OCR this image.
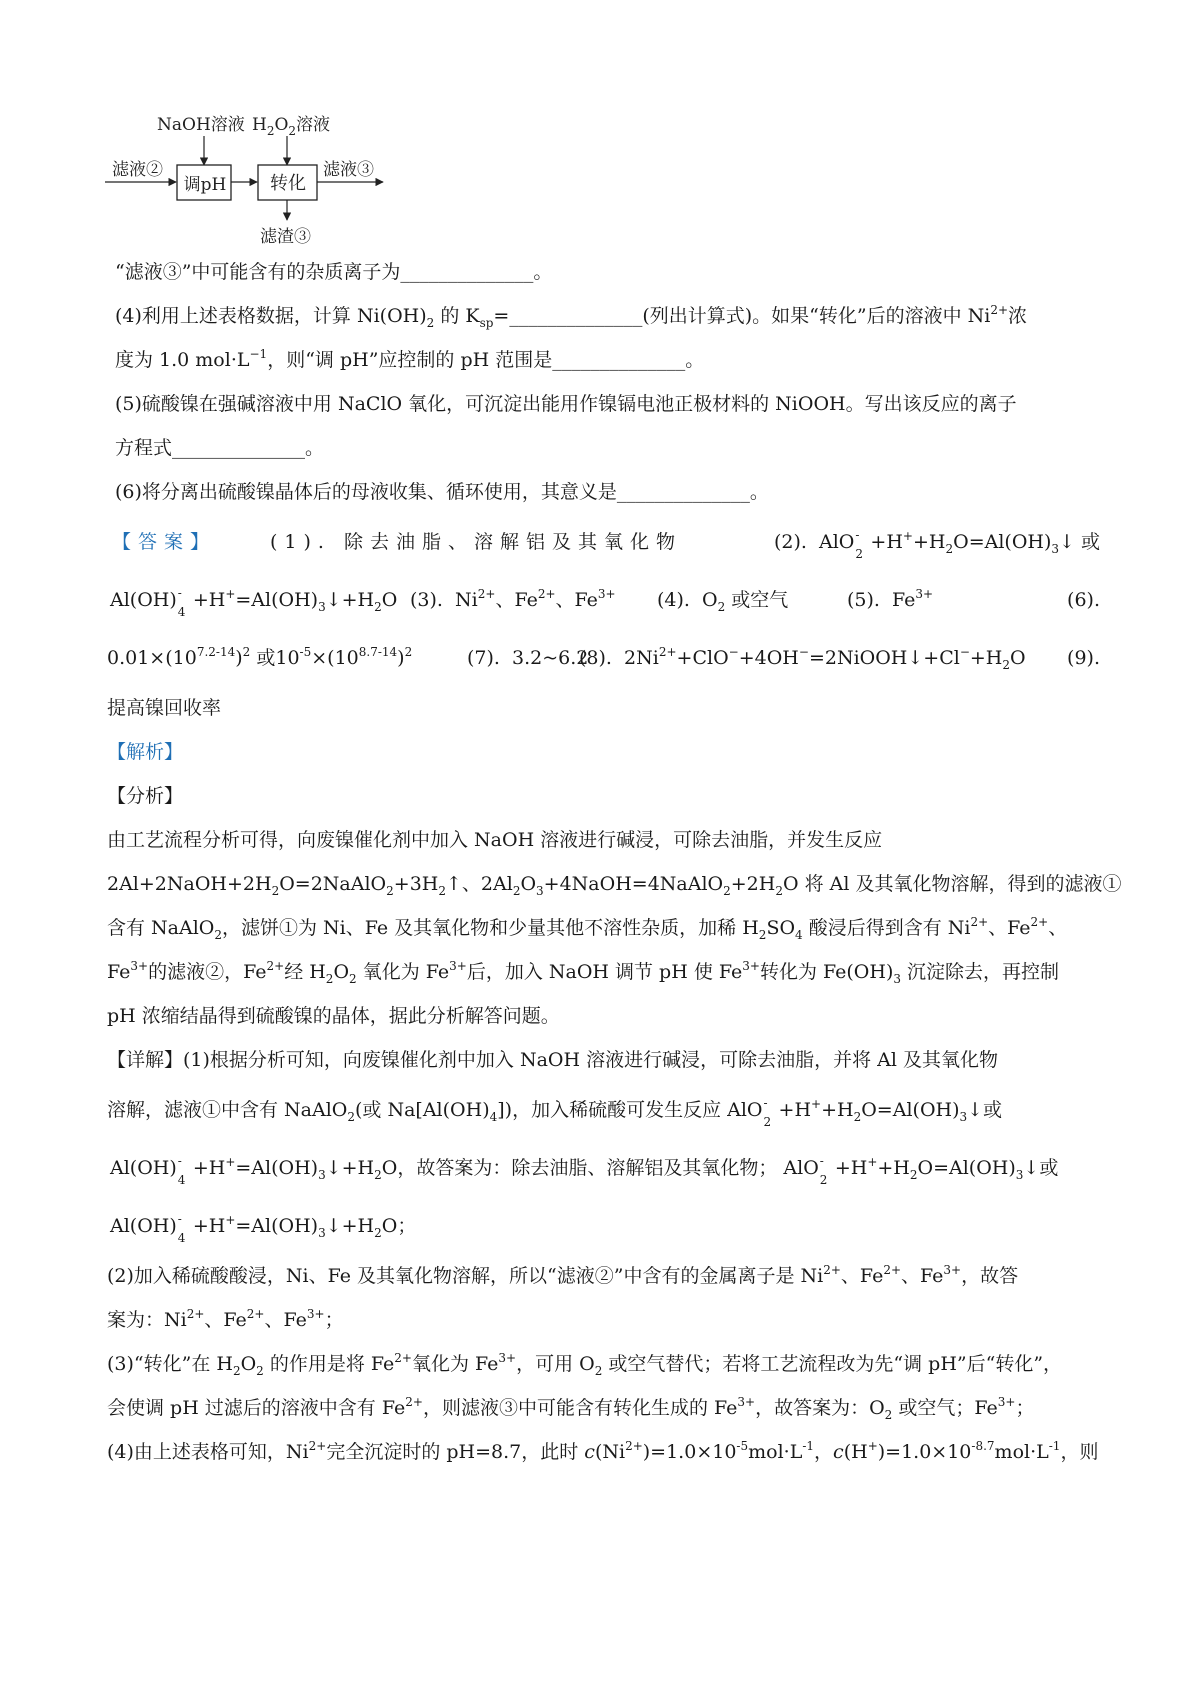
NaOH溶液 $H_2O_2$溶液
滤液②
调pH	转化
滤液③
滤渣③
“滤液③”中可能含有的杂质离子为______________。
(4)利用上述表格数据，计算 $Ni(OH)_2$ 的 $K_{sp}=\_\_\_\_\_\_\_\_\_\_\_\_\_\_$(列出计算式)。如果“转化”后的溶液中 $Ni^{2+}$浓
度为 1.0 $mol\cdot L^{-1}$，则“调 pH”应控制的 pH 范围是______________。
(5)硫酸镍在强碱溶液中用 NaClO 氧化，可沉淀出能用作镍镉电池正极材料的 NiOOH。写出该反应的离子
方程式______________。
(6)将分离出硫酸镍晶体后的母液收集、循环使用，其意义是______________。
【答案】	(1). 除去油脂、溶解铝及其氧化物	(2).  AlO -
2
$+H^++H_2O=Al(OH)_3↓$ 或
Al(OH) -
4
$+H^+=Al(OH)_3↓+H_2O$ (3).  $Ni^{2+}$、$Fe^{2+}$、$Fe^{3+}$ (4).  $O_2$ 或空气	(5).  $Fe^{3+}$	(6).
$0.01\times(10^{7.2-14})^2$ 或$10^{-5}\times(10^{8.7-14})^2$	(7).  3.2~6.2
(8).  $2Ni^{2+}+ClO^-+4OH^-=2NiOOH↓+Cl^-+H_2O$ (9).
提高镍回收率
【解析】
【分析】
由工艺流程分析可得，向废镍催化剂中加入 NaOH 溶液进行碱浸，可除去油脂，并发生反应
$2Al+2NaOH+2H_2O=2NaAlO_2+3H_2↑$、$2Al_2O_3+4NaOH=4NaAlO_2+2H_2O$ 将 Al 及其氧化物溶解，得到的滤液①
含有 NaAlO$_2$，滤饼①为 Ni、Fe 及其氧化物和少量其他不溶性杂质，加稀 $H_2SO_4$ 酸浸后得到含有 $Ni^{2+}$、$Fe^{2+}$、
$Fe^{3+}$的滤液②，$Fe^{2+}$经 $H_2O_2$ 氧化为 $Fe^{3+}$后，加入 NaOH 调节 pH 使 $Fe^{3+}$转化为 $Fe(OH)_3$ 沉淀除去，再控制
pH 浓缩结晶得到硫酸镍的晶体，据此分析解答问题。
【详解】(1)根据分析可知，向废镍催化剂中加入 NaOH 溶液进行碱浸，可除去油脂，并将 Al 及其氧化物
溶解，滤液①中含有 NaAlO$_2$(或 $Na[Al(OH)_4]$)，加入稀硫酸可发生反应 AlO -
2
$+H^++H_2O=Al(OH)_3↓$或
Al(OH) -
4
$+H^+=Al(OH)_3↓+H_2O$，故答案为：除去油脂、溶解铝及其氧化物； AlO -
2
$+H^++H_2O=Al(OH)_3↓$或
Al(OH) -
4
$+H^+=Al(OH)_3↓+H_2O$；
(2)加入稀硫酸酸浸，Ni、Fe 及其氧化物溶解，所以“滤液②”中含有的金属离子是 $Ni^{2+}$、$Fe^{2+}$、$Fe^{3+}$，故答
案为：$Ni^{2+}$、$Fe^{2+}$、$Fe^{3+}$；
(3)“转化”在 $H_2O_2$ 的作用是将 $Fe^{2+}$氧化为 $Fe^{3+}$，可用 $O_2$ 或空气替代；若将工艺流程改为先“调 pH”后“转化”，
会使调 pH 过滤后的溶液中含有 $Fe^{2+}$，则滤液③中可能含有转化生成的 $Fe^{3+}$，故答案为：$O_2$ 或空气；$Fe^{3+}$；
(4)由上述表格可知，$Ni^{2+}$完全沉淀时的 pH=8.7，此时 $c(Ni^{2+})=1.0\times 10^{-5}mol\cdot L^{-1}$，$c(H^+)=1.0\times 10^{-8.7}mol\cdot L^{-1}$，则
